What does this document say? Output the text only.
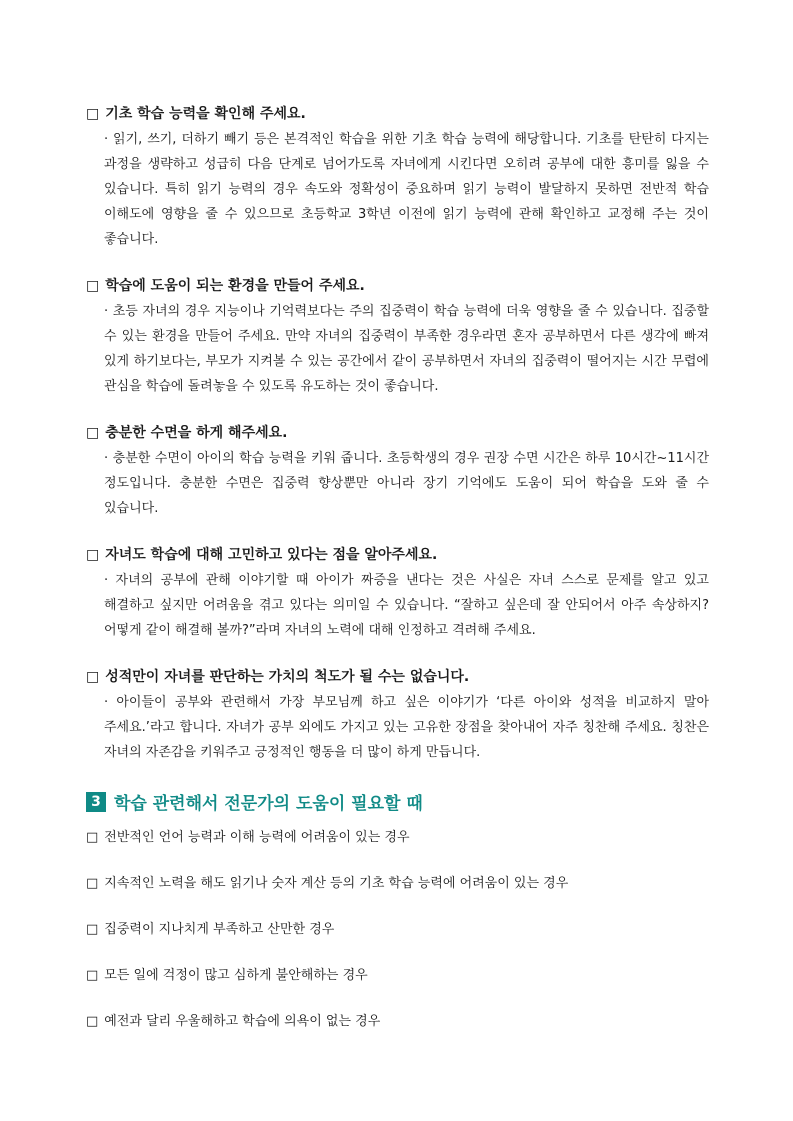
□ 기초 학습 능력을 확인해 주세요.

· 읽기, 쓰기, 더하기 빼기 등은 본격적인 학습을 위한 기초 학습 능력에 해당합니다. 기초를 탄탄히 다지는 과정을 생략하고 성급히 다음 단계로 넘어가도록 자녀에게 시킨다면 오히려 공부에 대한 흥미를 잃을 수 있습니다. 특히 읽기 능력의 경우 속도와 정확성이 중요하며 읽기 능력이 발달하지 못하면 전반적 학습 이해도에 영향을 줄 수 있으므로 초등학교 3학년 이전에 읽기 능력에 관해 확인하고 교정해 주는 것이 좋습니다.

□ 학습에 도움이 되는 환경을 만들어 주세요.

· 초등 자녀의 경우 지능이나 기억력보다는 주의 집중력이 학습 능력에 더욱 영향을 줄 수 있습니다. 집중할 수 있는 환경을 만들어 주세요. 만약 자녀의 집중력이 부족한 경우라면 혼자 공부하면서 다른 생각에 빠져 있게 하기보다는, 부모가 지켜볼 수 있는 공간에서 같이 공부하면서 자녀의 집중력이 떨어지는 시간 무렵에 관심을 학습에 돌려놓을 수 있도록 유도하는 것이 좋습니다.

□ 충분한 수면을 하게 해주세요.

· 충분한 수면이 아이의 학습 능력을 키워 줍니다. 초등학생의 경우 권장 수면 시간은 하루 10시간~11시간 정도입니다. 충분한 수면은 집중력 향상뿐만 아니라 장기 기억에도 도움이 되어 학습을 도와 줄 수 있습니다.

□ 자녀도 학습에 대해 고민하고 있다는 점을 알아주세요.

· 자녀의 공부에 관해 이야기할 때 아이가 짜증을 낸다는 것은 사실은 자녀 스스로 문제를 알고 있고 해결하고 싶지만 어려움을 겪고 있다는 의미일 수 있습니다. “잘하고 싶은데 잘 안되어서 아주 속상하지? 어떻게 같이 해결해 볼까?”라며 자녀의 노력에 대해 인정하고 격려해 주세요.

□ 성적만이 자녀를 판단하는 가치의 척도가 될 수는 없습니다.

· 아이들이 공부와 관련해서 가장 부모님께 하고 싶은 이야기가 ‘다른 아이와 성적을 비교하지 말아 주세요.’라고 합니다. 자녀가 공부 외에도 가지고 있는 고유한 장점을 찾아내어 자주 칭찬해 주세요. 칭찬은 자녀의 자존감을 키워주고 긍정적인 행동을 더 많이 하게 만듭니다.

3 학습 관련해서 전문가의 도움이 필요할 때

□ 전반적인 언어 능력과 이해 능력에 어려움이 있는 경우

□ 지속적인 노력을 해도 읽기나 숫자 계산 등의 기초 학습 능력에 어려움이 있는 경우

□ 집중력이 지나치게 부족하고 산만한 경우

□ 모든 일에 걱정이 많고 심하게 불안해하는 경우

□ 예전과 달리 우울해하고 학습에 의욕이 없는 경우
